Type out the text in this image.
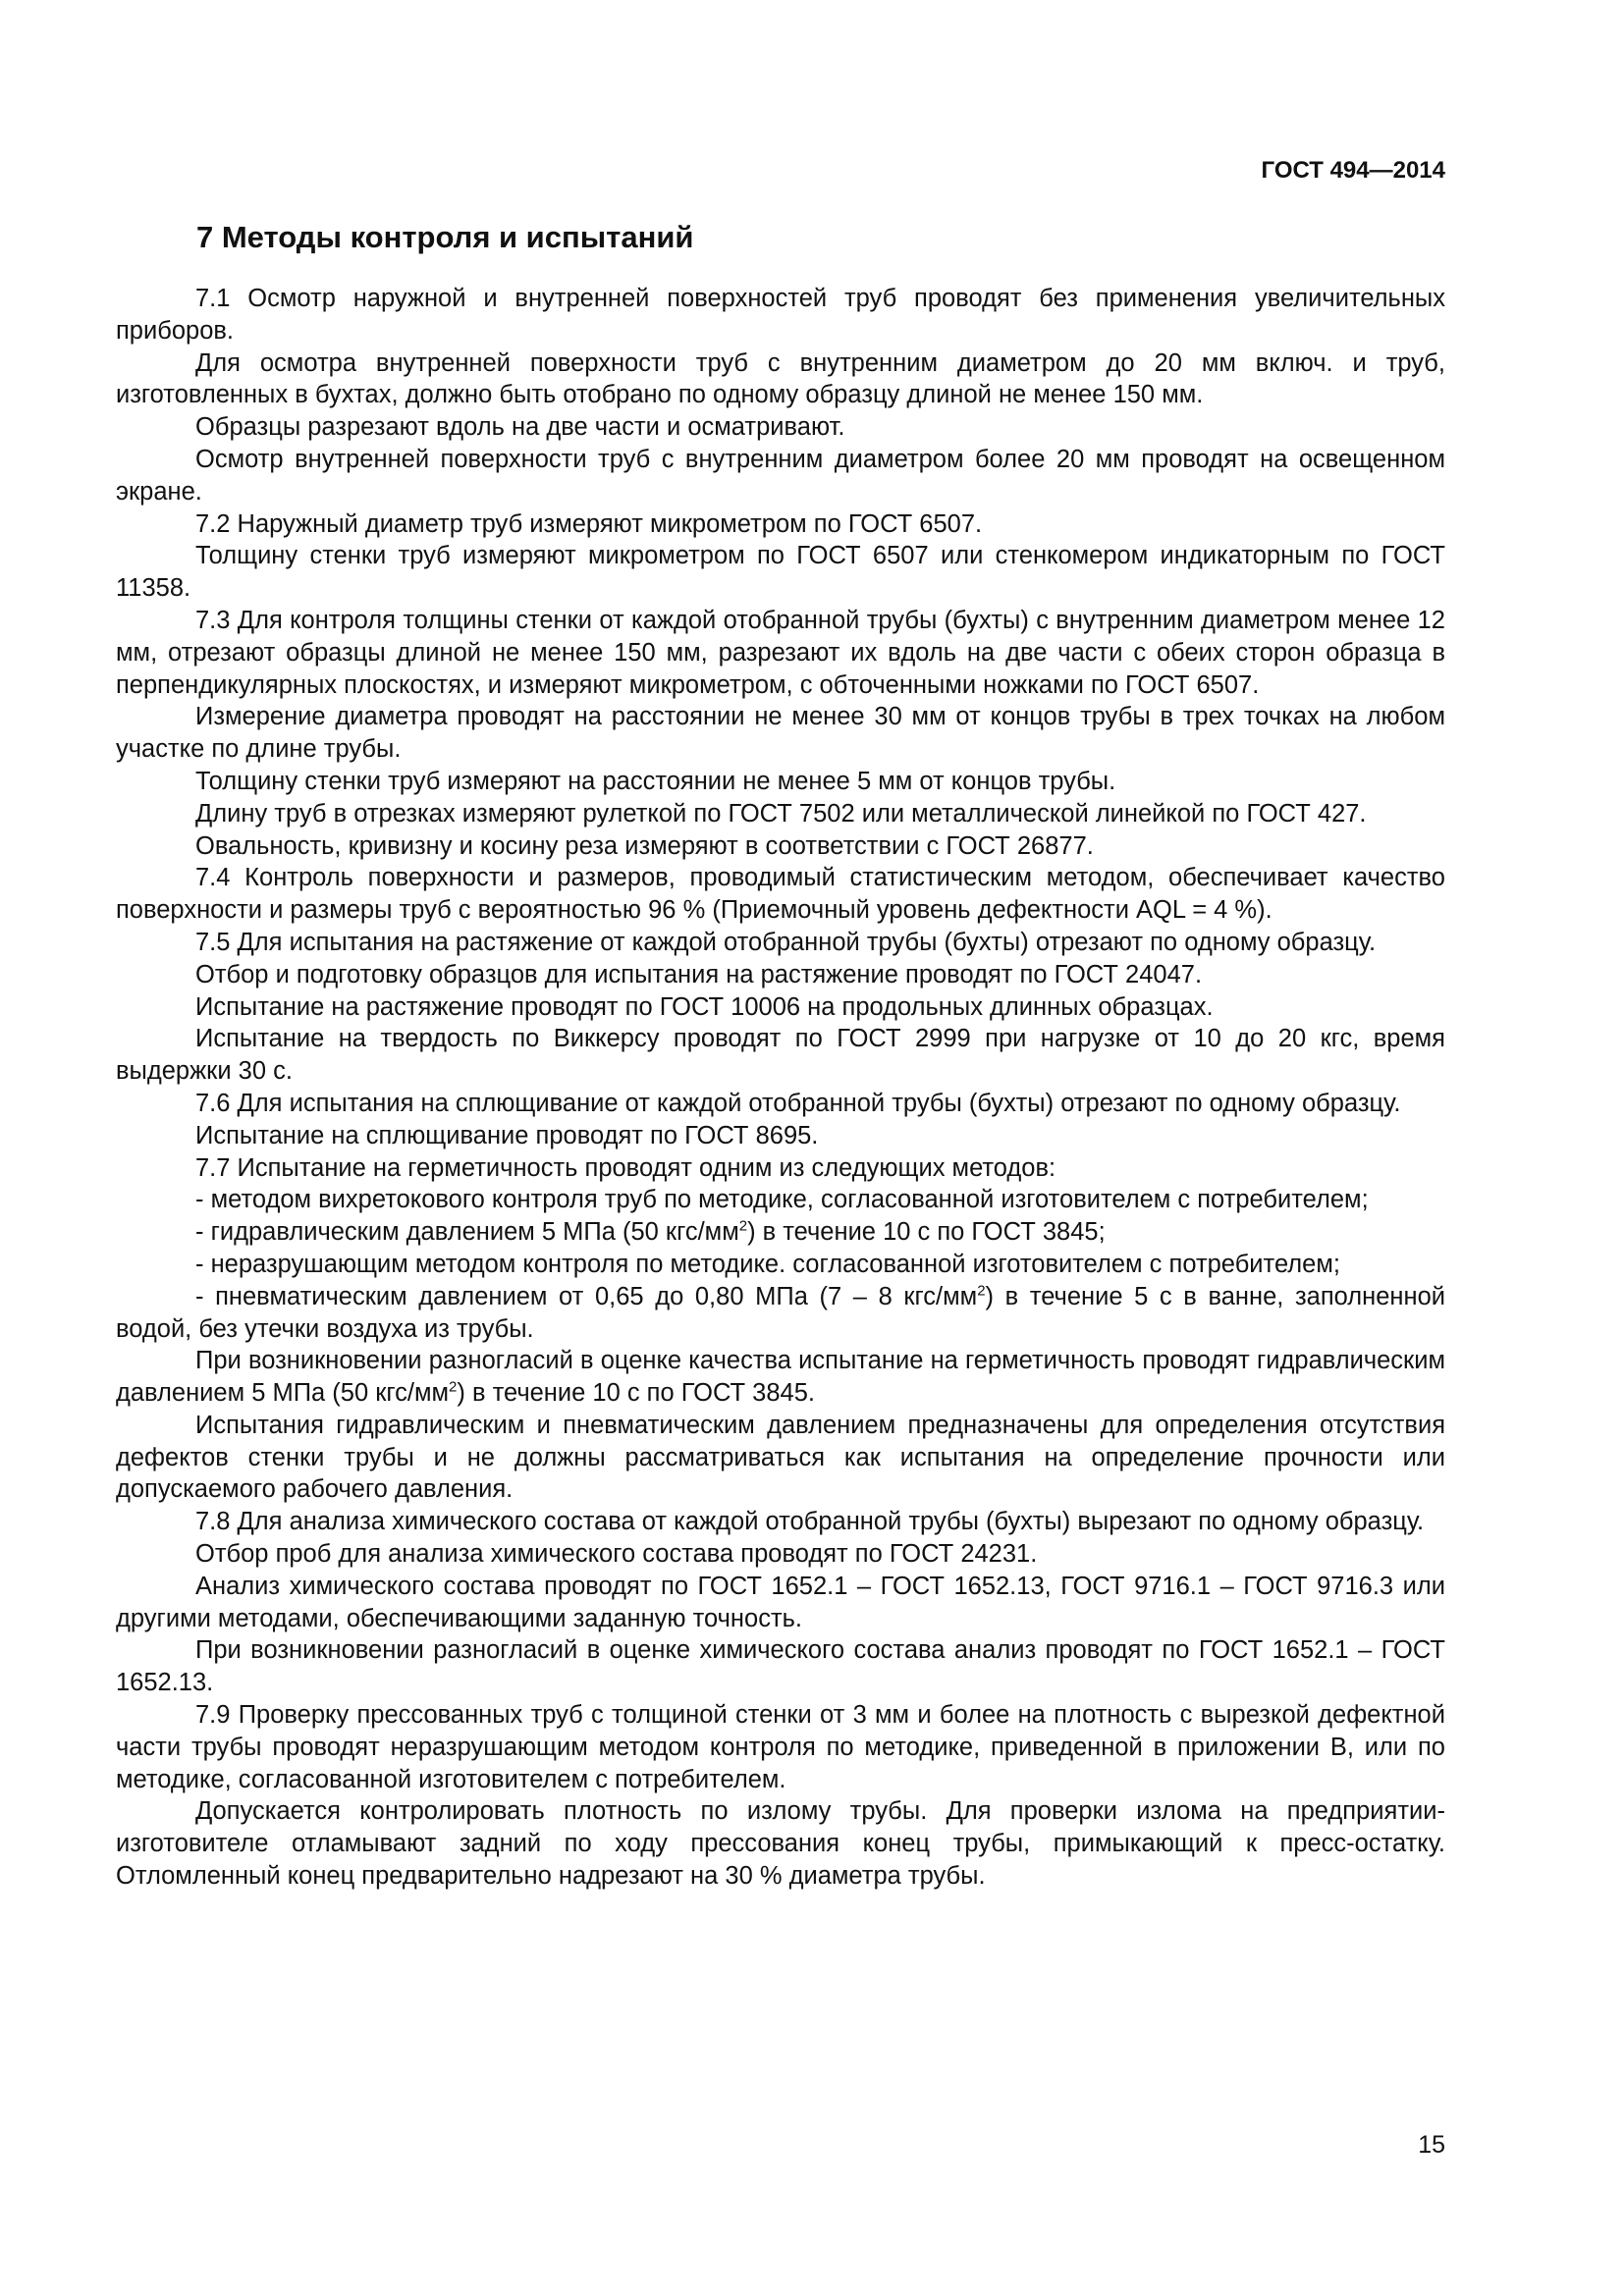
ГОСТ 494—2014
7 Методы контроля и испытаний

7.1 Осмотр наружной и внутренней поверхностей труб проводят без применения увеличительных приборов.

Для осмотра внутренней поверхности труб с внутренним диаметром до 20 мм включ. и труб, изготовленных в бухтах, должно быть отобрано по одному образцу длиной не менее 150 мм.

Образцы разрезают вдоль на две части и осматривают.

Осмотр внутренней поверхности труб с внутренним диаметром более 20 мм проводят на освещенном экране.

7.2 Наружный диаметр труб измеряют микрометром по ГОСТ 6507.

Толщину стенки труб измеряют микрометром по ГОСТ 6507 или стенкомером индикаторным по ГОСТ 11358.

7.3 Для контроля толщины стенки от каждой отобранной трубы (бухты) с внутренним диаметром менее 12 мм, отрезают образцы длиной не менее 150 мм, разрезают их вдоль на две части с обеих сторон образца в перпендикулярных плоскостях, и измеряют микрометром, с обточенными ножками по ГОСТ 6507.

Измерение диаметра проводят на расстоянии не менее 30 мм от концов трубы в трех точках на любом участке по длине трубы.

Толщину стенки труб измеряют на расстоянии не менее 5 мм от концов трубы.

Длину труб в отрезках измеряют рулеткой по ГОСТ 7502 или металлической линейкой по ГОСТ 427.

Овальность, кривизну и косину реза измеряют в соответствии с ГОСТ 26877.

7.4 Контроль поверхности и размеров, проводимый статистическим методом, обеспечивает качество поверхности и размеры труб с вероятностью 96 % (Приемочный уровень дефектности AQL = 4 %).

7.5 Для испытания на растяжение от каждой отобранной трубы (бухты) отрезают по одному образцу.

Отбор и подготовку образцов для испытания на растяжение проводят по ГОСТ 24047.

Испытание на растяжение проводят по ГОСТ 10006 на продольных длинных образцах.

Испытание на твердость по Виккерсу проводят по ГОСТ 2999 при нагрузке от 10 до 20 кгс, время выдержки 30 с.

7.6 Для испытания на сплющивание от каждой отобранной трубы (бухты) отрезают по одному образцу.

Испытание на сплющивание проводят по ГОСТ 8695.

7.7 Испытание на герметичность проводят одним из следующих методов:

- методом вихретокового контроля труб по методике, согласованной изготовителем с потребителем;

- гидравлическим давлением 5 МПа (50 кгс/$мм^2$) в течение 10 с по ГОСТ 3845;

- неразрушающим методом контроля по методике. согласованной изготовителем с потребителем;

- пневматическим давлением от 0,65 до 0,80 МПа (7 – 8 кгс/$мм^2$) в течение 5 с в ванне, заполненной водой, без утечки воздуха из трубы.

При возникновении разногласий в оценке качества испытание на герметичность проводят гидравлическим давлением 5 МПа (50 кгс/$мм^2$) в течение 10 с по ГОСТ 3845.

Испытания гидравлическим и пневматическим давлением предназначены для определения отсутствия дефектов стенки трубы и не должны рассматриваться как испытания на определение прочности или допускаемого рабочего давления.

7.8 Для анализа химического состава от каждой отобранной трубы (бухты) вырезают по одному образцу.

Отбор проб для анализа химического состава проводят по ГОСТ 24231.

Анализ химического состава проводят по ГОСТ 1652.1 – ГОСТ 1652.13, ГОСТ 9716.1 – ГОСТ 9716.3 или другими методами, обеспечивающими заданную точность.

При возникновении разногласий в оценке химического состава анализ проводят по ГОСТ 1652.1 – ГОСТ 1652.13.

7.9 Проверку прессованных труб с толщиной стенки от 3 мм и более на плотность с вырезкой дефектной части трубы проводят неразрушающим методом контроля по методике, приведенной в приложении В, или по методике, согласованной изготовителем с потребителем.

Допускается контролировать плотность по излому трубы. Для проверки излома на предприятии-изготовителе отламывают задний по ходу прессования конец трубы, примыкающий к пресс-остатку. Отломленный конец предварительно надрезают на 30 % диаметра трубы.

15
